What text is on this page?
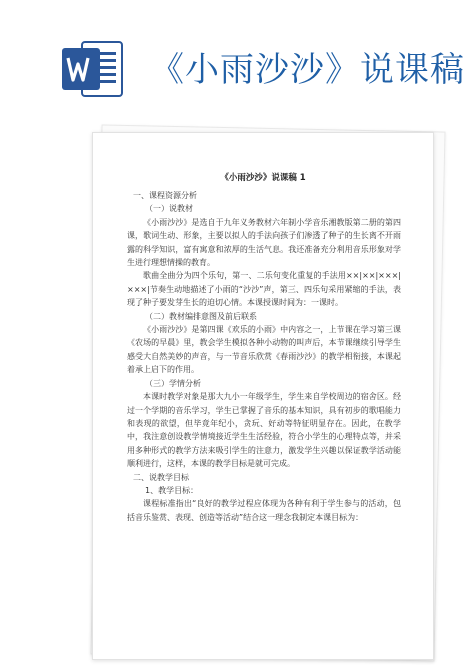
《小雨沙沙》说课稿
《小雨沙沙》说课稿 1

一、课程资源分析

（一）说教材

《小雨沙沙》是选自于九年义务教材六年制小学音乐湘教版第二册的第四课，歌词生动、形象，主要以拟人的手法向孩子们渗透了种子的生长离不开雨露的科学知识，富有寓意和浓厚的生活气息。我还准备充分利用音乐形象对学生进行理想情操的教育。

歌曲全曲分为四个乐句，第一、二乐句变化重复的手法用××|××|×××|×××|节奏生动地描述了小雨的“沙沙”声，第三、四乐句采用紧缩的手法，表现了种子要发芽生长的迫切心情。本课授课时间为：一课时。

（二）教材编排意图及前后联系

《小雨沙沙》是第四课《欢乐的小雨》中内容之一，上节课在学习第三课《农场的早晨》里，教会学生模拟各种小动物的叫声后，本节课继续引导学生感受大自然美妙的声音，与一节音乐欣赏《春雨沙沙》的教学相衔接，本课起着承上启下的作用。

（三）学情分析

本课时教学对象是那大九小一年级学生，学生来自学校周边的宿舍区。经过一个学期的音乐学习，学生已掌握了音乐的基本知识，具有初步的歌唱能力和表现的欲望，但毕竟年纪小，贪玩、好动等特征明显存在。因此，在教学中，我注意创设教学情境接近学生生活经验，符合小学生的心理特点等，并采用多种形式的教学方法来吸引学生的注意力，激发学生兴趣以保证教学活动能顺利进行，这样，本课的教学目标是就可完成。

二、说教学目标

1、教学目标：

课程标准指出“良好的教学过程应体现为各种有利于学生参与的活动，包括音乐鉴赏、表现、创造等活动”结合这一理念我制定本课目标为：
